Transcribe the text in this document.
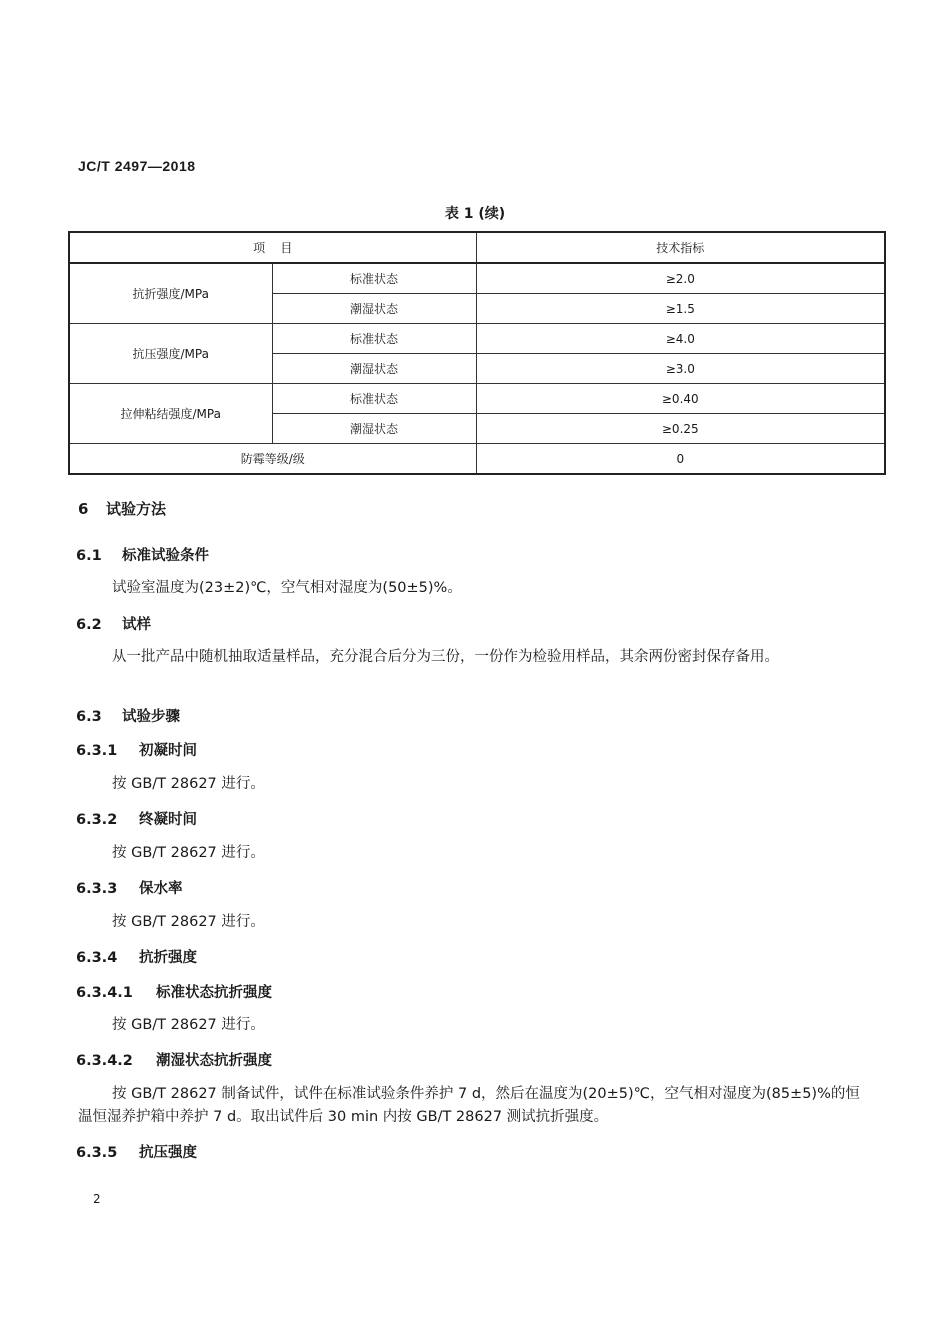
JC/T 2497—2018
表 1 (续)
项    目		技术指标
抗折强度/MPa	标准状态	≥2.0
	潮湿状态	≥1.5
抗压强度/MPa	标准状态	≥4.0
	潮湿状态	≥3.0
拉伸粘结强度/MPa	标准状态	≥0.40
	潮湿状态	≥0.25
防霉等级/级		0
6 试验方法
6.1 标准试验条件
试验室温度为(23±2)℃，空气相对湿度为(50±5)%。
6.2 试样
从一批产品中随机抽取适量样品，充分混合后分为三份，一份作为检验用样品，其余两份密封保存备用。
6.3 试验步骤
6.3.1 初凝时间
按 GB/T 28627 进行。
6.3.2 终凝时间
按 GB/T 28627 进行。
6.3.3 保水率
按 GB/T 28627 进行。
6.3.4 抗折强度
6.3.4.1 标准状态抗折强度
按 GB/T 28627 进行。
6.3.4.2 潮湿状态抗折强度
按 GB/T 28627 制备试件，试件在标准试验条件养护 7 d，然后在温度为(20±5)℃，空气相对湿度为(85±5)%的恒温恒湿养护箱中养护 7 d。取出试件后 30 min 内按 GB/T 28627 测试抗折强度。
6.3.5 抗压强度
2
